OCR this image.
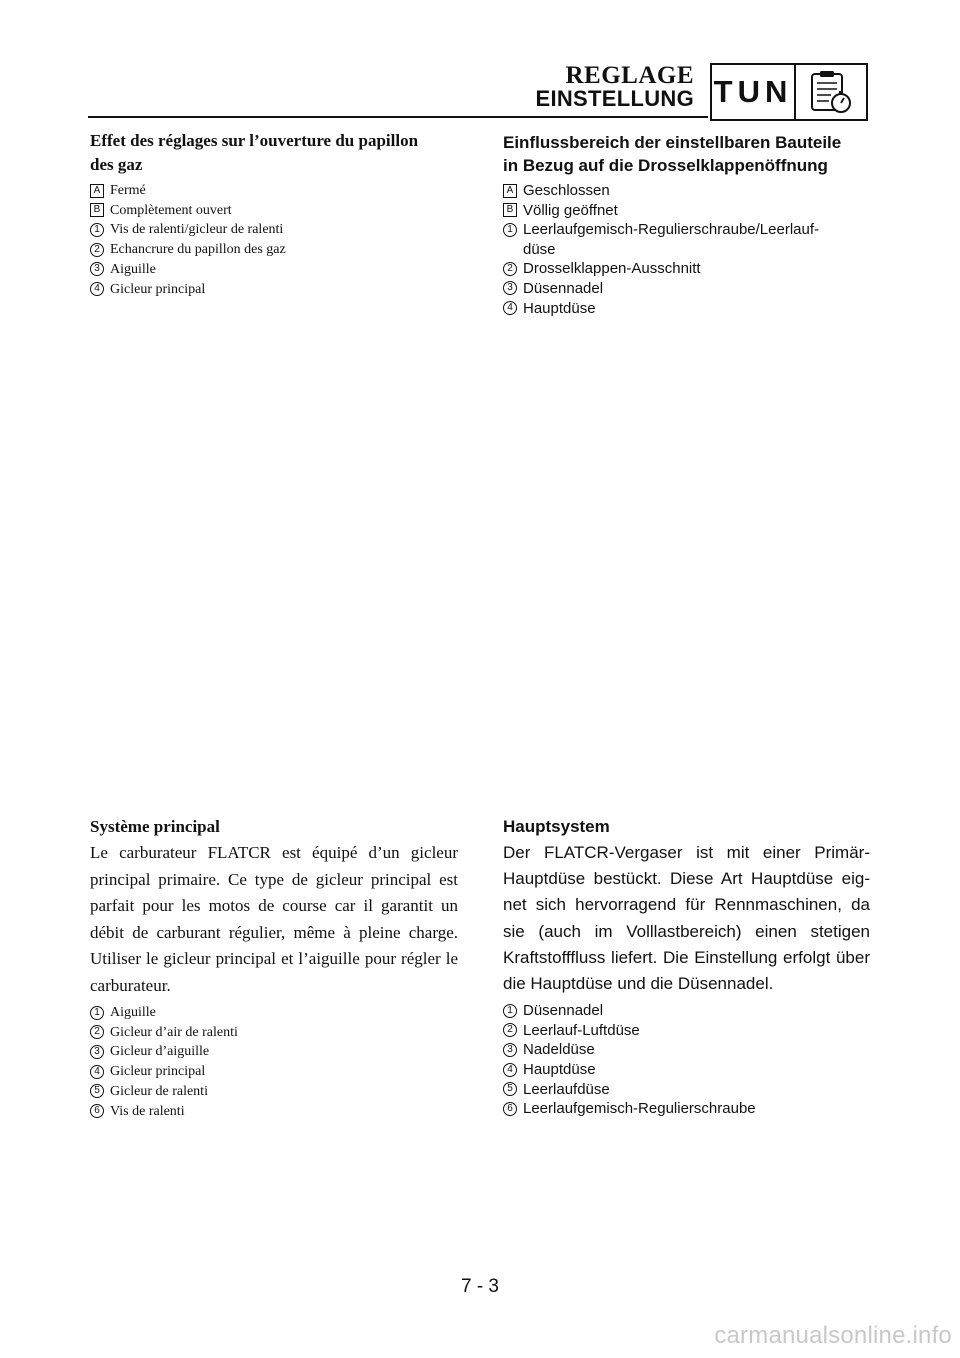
REGLAGE
EINSTELLUNG TUN
Effet des réglages sur l’ouverture du papillon
des gaz
A Fermé
B Complètement ouvert
1 Vis de ralenti/gicleur de ralenti
2 Echancrure du papillon des gaz
3 Aiguille
4 Gicleur principal
Einflussbereich der einstellbaren Bauteile
in Bezug auf die Drosselklappenöffnung
A Geschlossen
B Völlig geöffnet
1 Leerlaufgemisch-Regulierschraube/Leerlauf-düse
2 Drosselklappen-Ausschnitt
3 Düsennadel
4 Hauptdüse
Système principal

Le carburateur FLATCR est équipé d’un gicleur principal primaire. Ce type de gicleur principal est parfait pour les motos de course car il garantit un débit de carburant régulier, même à pleine charge. Utiliser le gicleur principal et l’aiguille pour régler le carburateur.

1 Aiguille
2 Gicleur d’air de ralenti
3 Gicleur d’aiguille
4 Gicleur principal
5 Gicleur de ralenti
6 Vis de ralenti
Hauptsystem

Der FLATCR-Vergaser ist mit einer Primär-Hauptdüse bestückt. Diese Art Hauptdüse eig-net sich hervorragend für Rennmaschinen, da sie (auch im Volllastbereich) einen stetigen Kraftstofffluss liefert. Die Einstellung erfolgt über die Hauptdüse und die Düsennadel.

1 Düsennadel
2 Leerlauf-Luftdüse
3 Nadeldüse
4 Hauptdüse
5 Leerlaufdüse
6 Leerlaufgemisch-Regulierschraube
7 - 3
carmanualsonline.info
